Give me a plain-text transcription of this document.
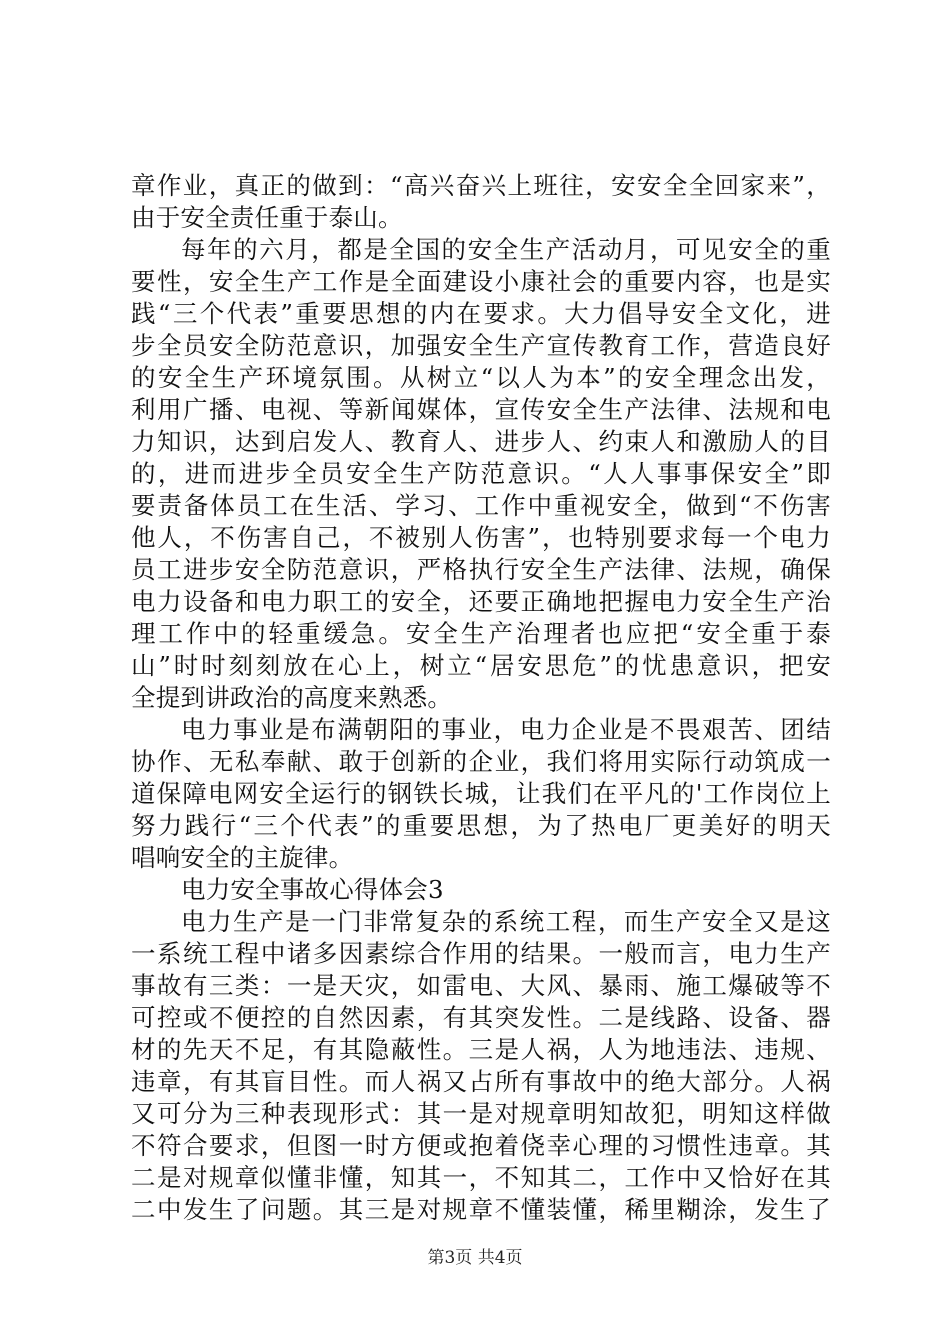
章作业，真正的做到：“高兴奋兴上班往，安安全全回家来”，
由于安全责任重于泰山。
每年的六月，都是全国的安全生产活动月，可见安全的重
要性，安全生产工作是全面建设小康社会的重要内容，也是实
践“三个代表”重要思想的内在要求。大力倡导安全文化，进
步全员安全防范意识，加强安全生产宣传教育工作，营造良好
的安全生产环境氛围。从树立“以人为本”的安全理念出发，
利用广播、电视、等新闻媒体，宣传安全生产法律、法规和电
力知识，达到启发人、教育人、进步人、约束人和激励人的目
的，进而进步全员安全生产防范意识。“人人事事保安全”即
要责备体员工在生活、学习、工作中重视安全，做到“不伤害
他人，不伤害自己，不被别人伤害”，也特别要求每一个电力
员工进步安全防范意识，严格执行安全生产法律、法规，确保
电力设备和电力职工的安全，还要正确地把握电力安全生产治
理工作中的轻重缓急。安全生产治理者也应把“安全重于泰
山”时时刻刻放在心上，树立“居安思危”的忧患意识，把安
全提到讲政治的高度来熟悉。
电力事业是布满朝阳的事业，电力企业是不畏艰苦、团结
协作、无私奉献、敢于创新的企业，我们将用实际行动筑成一
道保障电网安全运行的钢铁长城，让我们在平凡的'工作岗位上
努力践行“三个代表”的重要思想，为了热电厂更美好的明天
唱响安全的主旋律。
电力安全事故心得体会3
电力生产是一门非常复杂的系统工程，而生产安全又是这
一系统工程中诸多因素综合作用的结果。一般而言，电力生产
事故有三类：一是天灾，如雷电、大风、暴雨、施工爆破等不
可控或不便控的自然因素，有其突发性。二是线路、设备、器
材的先天不足，有其隐蔽性。三是人祸，人为地违法、违规、
违章，有其盲目性。而人祸又占所有事故中的绝大部分。人祸
又可分为三种表现形式：其一是对规章明知故犯，明知这样做
不符合要求，但图一时方便或抱着侥幸心理的习惯性违章。其
二是对规章似懂非懂，知其一，不知其二，工作中又恰好在其
二中发生了问题。其三是对规章不懂装懂，稀里糊涂，发生了
第3页 共4页
